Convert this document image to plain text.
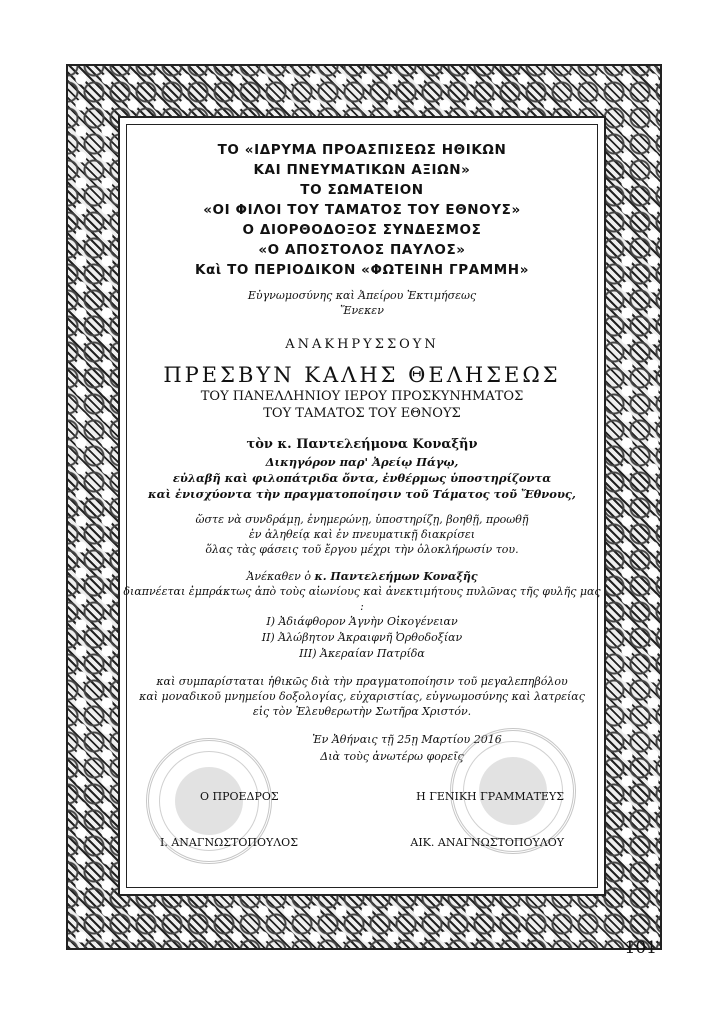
ΤΟ «ΙΔΡΥΜΑ ΠΡΟΑΣΠΙΣΕΩΣ ΗΘΙΚΩΝ
ΚΑΙ ΠΝΕΥΜΑΤΙΚΩΝ ΑΞΙΩΝ»
ΤΟ ΣΩΜΑΤΕΙΟΝ
«ΟΙ ΦΙΛΟΙ ΤΟΥ ΤΑΜΑΤΟΣ ΤΟΥ ΕΘΝΟΥΣ»
Ο ΔΙΟΡΘΟΔΟΞΟΣ ΣΥΝΔΕΣΜΟΣ
«Ο ΑΠΟΣΤΟΛΟΣ ΠΑΥΛΟΣ»
Καὶ ΤΟ ΠΕΡΙΟΔΙΚΟΝ «ΦΩΤΕΙΝΗ ΓΡΑΜΜΗ»
Εὐγνωμοσύνης καὶ Ἀπείρου Ἐκτιμήσεως
Ἕνεκεν
ΑΝΑΚΗΡΥΣΣΟΥΝ
ΠΡΕΣΒΥΝ ΚΑΛΗΣ ΘΕΛΗΣΕΩΣ
ΤΟΥ ΠΑΝΕΛΛΗΝΙΟΥ ΙΕΡΟΥ ΠΡΟΣΚΥΝΗΜΑΤΟΣ
ΤΟΥ ΤΑΜΑΤΟΣ ΤΟΥ ΕΘΝΟΥΣ
τὸν κ. Παντελεήμονα Κοναξῆν
Δικηγόρον παρ' Ἀρείῳ Πάγῳ,
εὐλαβῆ καὶ φιλοπάτριδα ὄντα, ἐνθέρμως ὑποστηρίζοντα
καὶ ἐνισχύοντα τὴν πραγματοποίησιν τοῦ Τάματος τοῦ Ἔθνους,
ὥστε νὰ συνδράμῃ, ἐνημερώνῃ, ὑποστηρίζῃ, βοηθῇ, προωθῇ
ἐν ἀληθείᾳ καὶ ἐν πνευματικῇ διακρίσει
ὅλας τὰς φάσεις τοῦ ἔργου μέχρι τὴν ὁλοκλήρωσίν του.
Ἀνέκαθεν ὁ κ. Παντελεήμων Κοναξῆς
διαπνέεται ἐμπράκτως ἀπὸ τοὺς αἰωνίους καὶ ἀνεκτιμήτους πυλῶνας τῆς φυλῆς μας :
I) Ἀδιάφθορον Ἁγνὴν Οἰκογένειαν
II) Ἀλώβητον Ἀκραιφνῆ Ὀρθοδοξίαν
III) Ἀκεραίαν Πατρίδα
καὶ συμπαρίσταται ἠθικῶς διὰ τὴν πραγματοποίησιν τοῦ μεγαλεπηβόλου
καὶ μοναδικοῦ μνημείου δοξολογίας, εὐχαριστίας, εὐγνωμοσύνης καὶ λατρείας
εἰς τὸν Ἐλευθερωτὴν Σωτῆρα Χριστόν.
Ἐν Ἀθήναις τῇ 25ῃ Μαρτίου 2016
Διὰ τοὺς ἀνωτέρω φορεῖς
Ο ΠΡΟΕΔΡΟΣ	Η ΓΕΝΙΚΗ ΓΡΑΜΜΑΤΕΥΣ
Ι. ΑΝΑΓΝΩΣΤΟΠΟΥΛΟΣ	ΑΙΚ. ΑΝΑΓΝΩΣΤΟΠΟΥΛΟΥ
101
